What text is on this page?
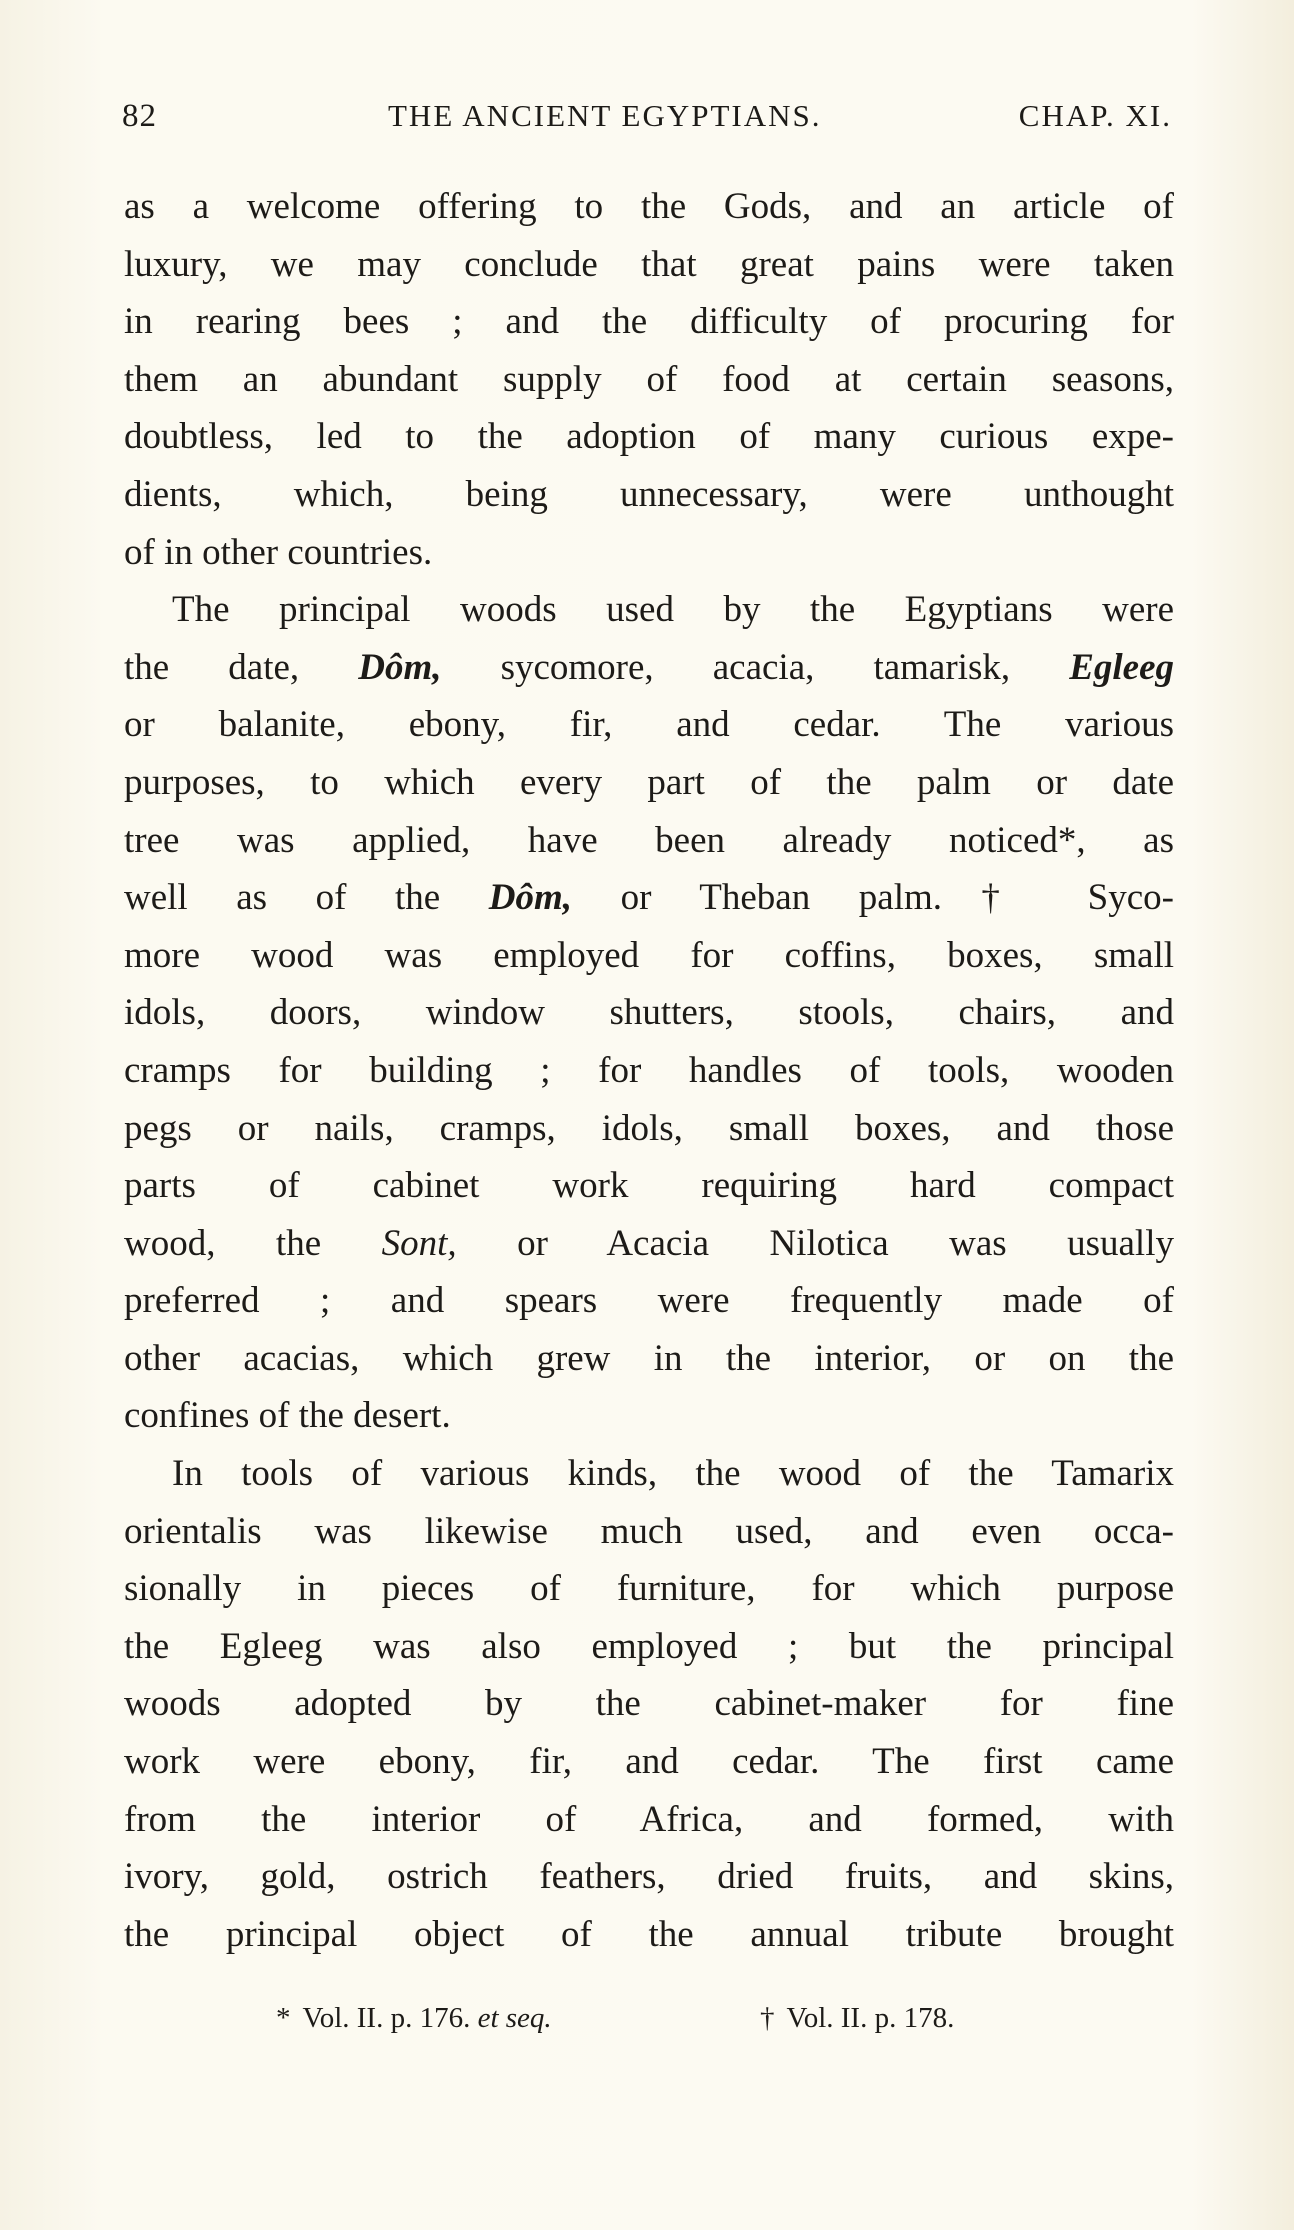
82	THE ANCIENT EGYPTIANS.	CHAP. XI.
as a welcome offering to the Gods, and an article of
luxury, we may conclude that great pains were taken
in rearing bees ; and the difficulty of procuring for
them an abundant supply of food at certain seasons,
doubtless, led to the adoption of many curious expe-
dients, which, being unnecessary, were unthought
of in other countries.
The principal woods used by the Egyptians were
the date, Dôm, sycomore, acacia, tamarisk, Egleeg
or balanite, ebony, fir, and cedar. The various
purposes, to which every part of the palm or date
tree was applied, have been already noticed*, as
well as of the Dôm, or Theban palm.† Syco-
more wood was employed for coffins, boxes, small
idols, doors, window shutters, stools, chairs, and
cramps for building ; for handles of tools, wooden
pegs or nails, cramps, idols, small boxes, and those
parts of cabinet work requiring hard compact
wood, the Sont, or Acacia Nilotica was usually
preferred ; and spears were frequently made of
other acacias, which grew in the interior, or on the
confines of the desert.
In tools of various kinds, the wood of the Tamarix
orientalis was likewise much used, and even occa-
sionally in pieces of furniture, for which purpose
the Egleeg was also employed ; but the principal
woods adopted by the cabinet-maker for fine
work were ebony, fir, and cedar. The first came
from the interior of Africa, and formed, with
ivory, gold, ostrich feathers, dried fruits, and skins,
the principal object of the annual tribute brought
* Vol. II. p. 176. et seq.	† Vol. II. p. 178.
